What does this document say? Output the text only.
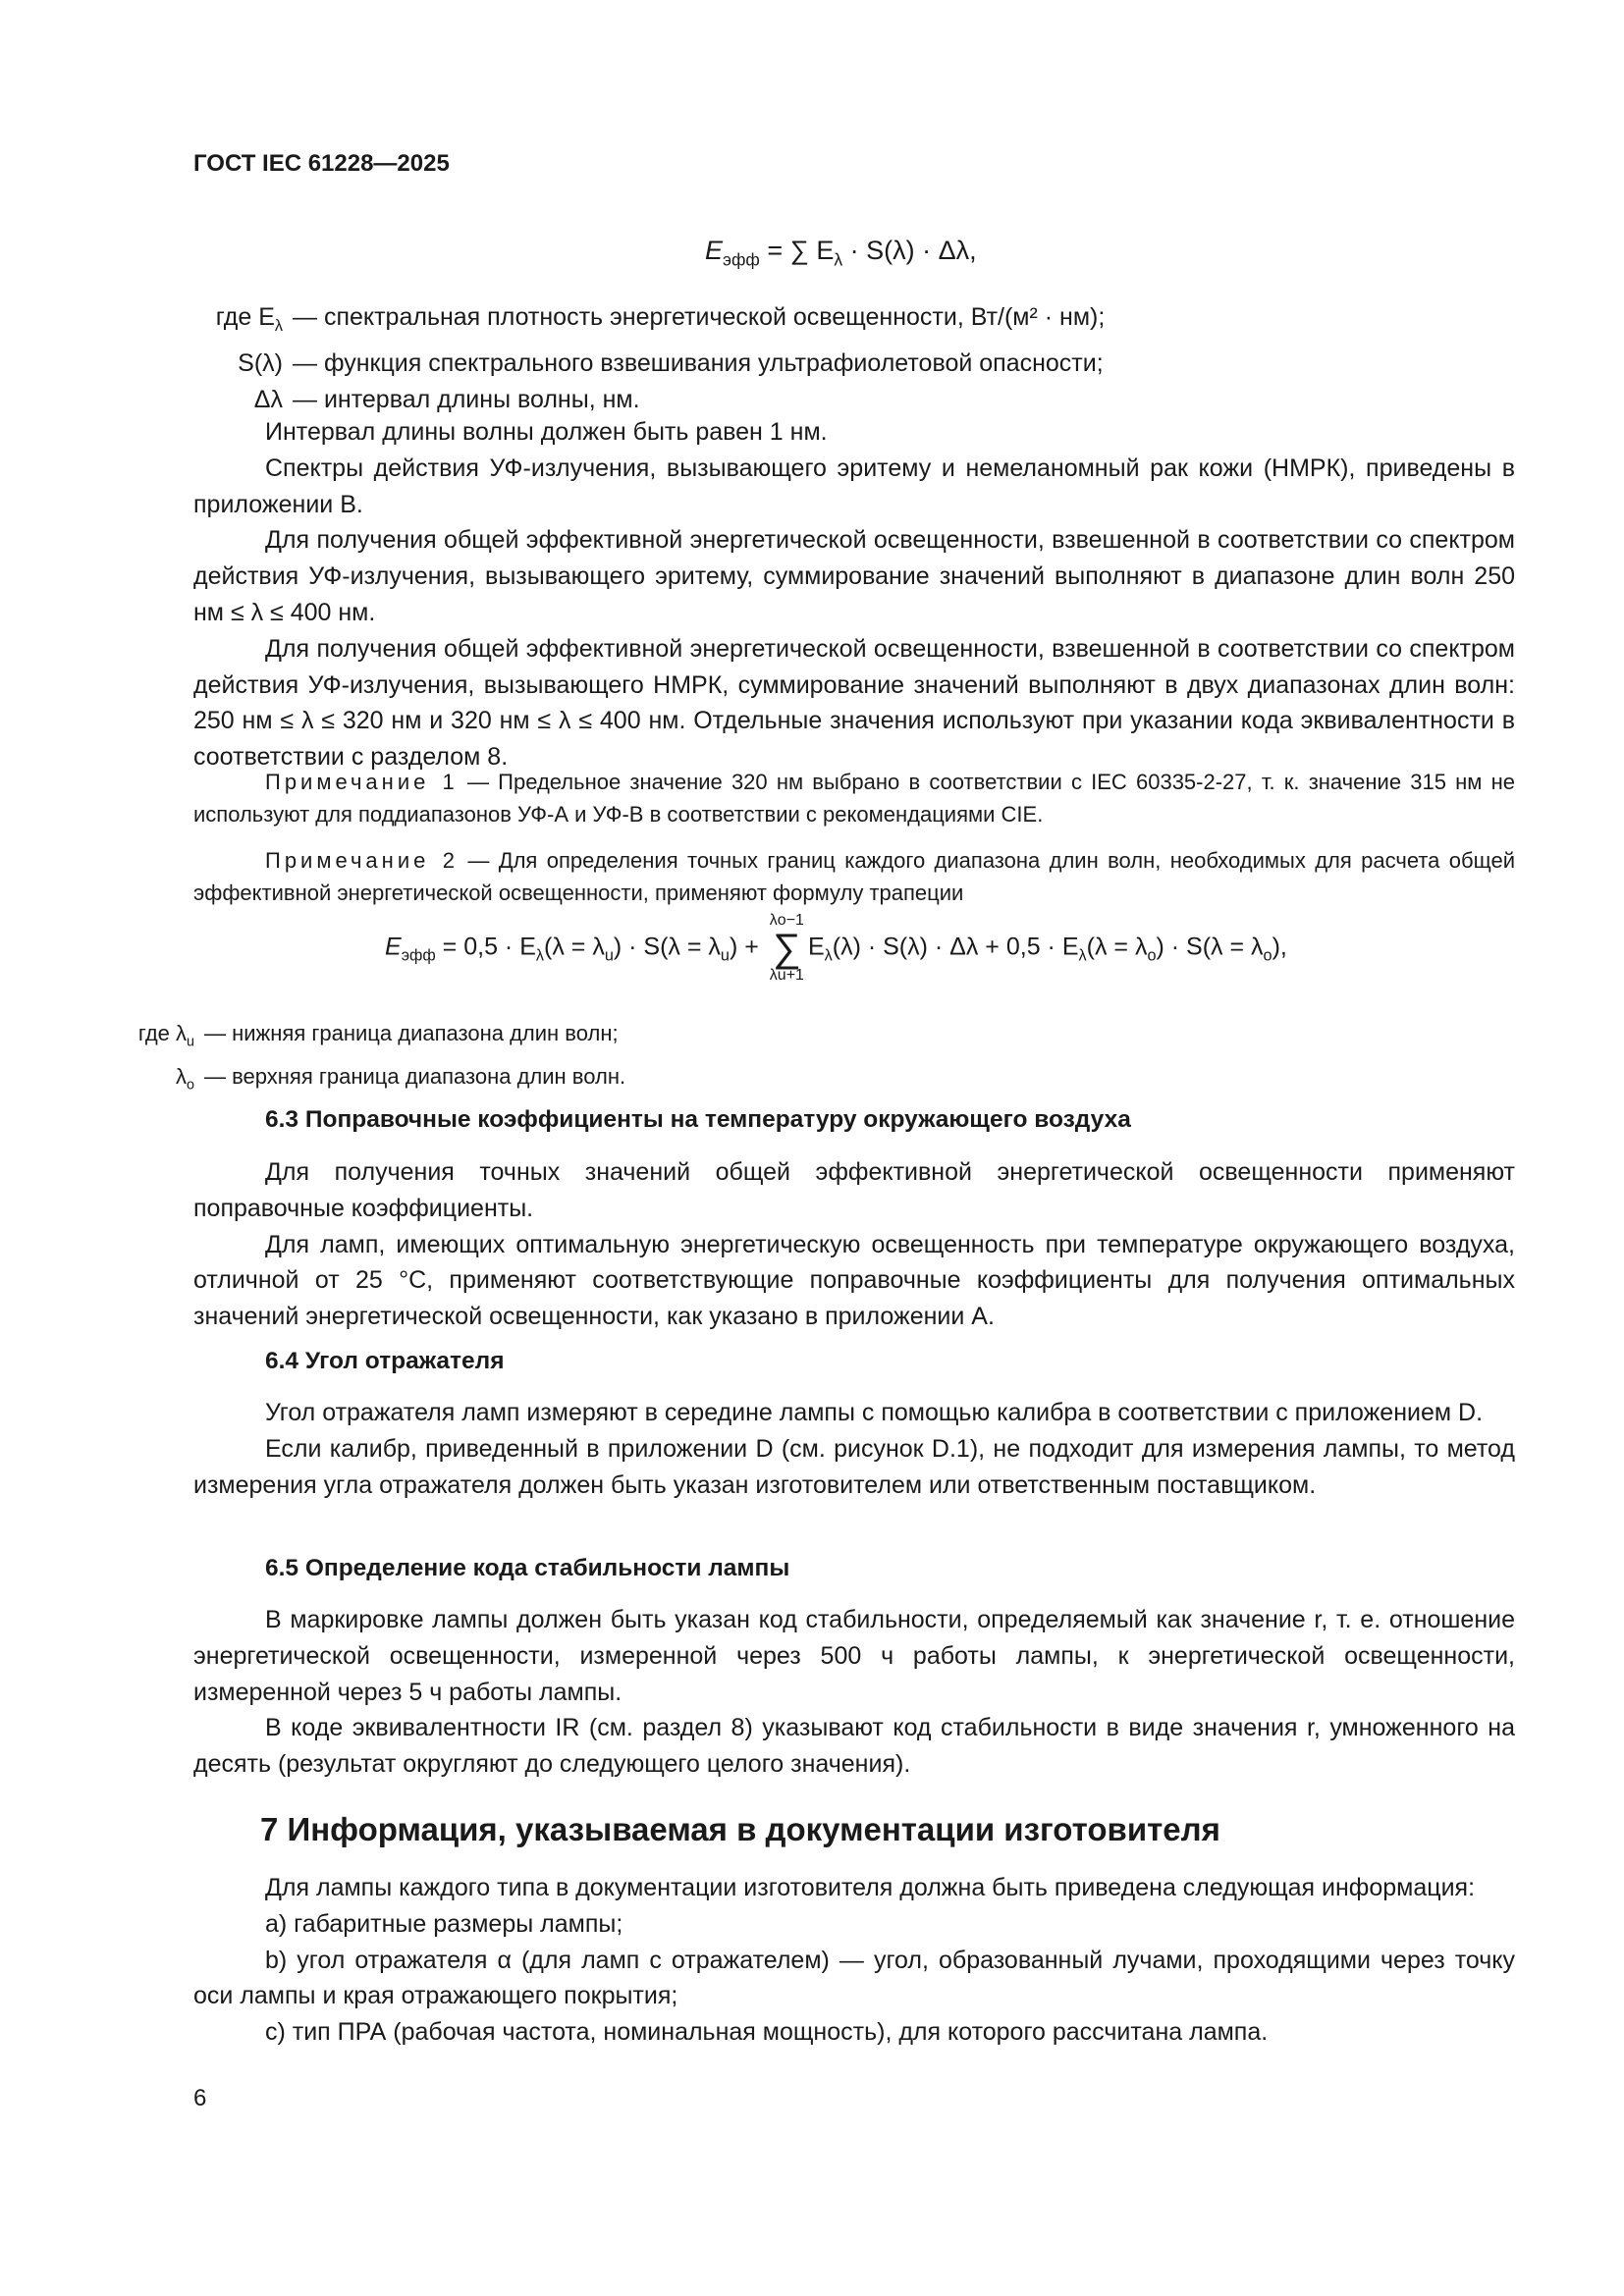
ГОСТ IEC 61228—2025
$E_{эфф}$ = ∑ $E_\lambda \cdot S(\lambda) \cdot \Delta\lambda$,
где $E_\lambda$ — спектральная плотность энергетической освещенности, Вт/(м² · нм);
S(λ) — функция спектрального взвешивания ультрафиолетовой опасности;
Δλ — интервал длины волны, нм.

Интервал длины волны должен быть равен 1 нм.

Спектры действия УФ-излучения, вызывающего эритему и немеланомный рак кожи (НМРК), приведены в приложении В.

Для получения общей эффективной энергетической освещенности, взвешенной в соответствии со спектром действия УФ-излучения, вызывающего эритему, суммирование значений выполняют в диапазоне длин волн 250 нм ≤ λ ≤ 400 нм.

Для получения общей эффективной энергетической освещенности, взвешенной в соответствии со спектром действия УФ-излучения, вызывающего НМРК, суммирование значений выполняют в двух диапазонах длин волн: 250 нм ≤ λ ≤ 320 нм и 320 нм ≤ λ ≤ 400 нм. Отдельные значения используют при указании кода эквивалентности в соответствии с разделом 8.

Примечание 1 — Предельное значение 320 нм выбрано в соответствии с IEC 60335-2-27, т. к. значение 315 нм не используют для поддиапазонов УФ-А и УФ-В в соответствии с рекомендациями CIE.

Примечание 2 — Для определения точных границ каждого диапазона длин волн, необходимых для расчета общей эффективной энергетической освещенности, применяют формулу трапеции

$E_{эфф} = 0,5 \cdot E_\lambda(\lambda = \lambda_u) \cdot S(\lambda = \lambda_u)$ +
λo−1
∑
λu+1
$E_\lambda(\lambda) \cdot S(\lambda) \cdot \Delta\lambda + 0,5 \cdot E_\lambda(\lambda = \lambda_o) \cdot S(\lambda = \lambda_o)$,
где $\lambda_u$ — нижняя граница диапазона длин волн;
$\lambda_o$ — верхняя граница диапазона длин волн.
6.3 Поправочные коэффициенты на температуру окружающего воздуха

Для получения точных значений общей эффективной энергетической освещенности применяют поправочные коэффициенты.

Для ламп, имеющих оптимальную энергетическую освещенность при температуре окружающего воздуха, отличной от 25 °С, применяют соответствующие поправочные коэффициенты для получения оптимальных значений энергетической освещенности, как указано в приложении А.

6.4 Угол отражателя

Угол отражателя ламп измеряют в середине лампы с помощью калибра в соответствии с приложением D.

Если калибр, приведенный в приложении D (см. рисунок D.1), не подходит для измерения лампы, то метод измерения угла отражателя должен быть указан изготовителем или ответственным поставщиком.

6.5 Определение кода стабильности лампы

В маркировке лампы должен быть указан код стабильности, определяемый как значение r, т. е. отношение энергетической освещенности, измеренной через 500 ч работы лампы, к энергетической освещенности, измеренной через 5 ч работы лампы.

В коде эквивалентности IR (см. раздел 8) указывают код стабильности в виде значения r, умноженного на десять (результат округляют до следующего целого значения).

7 Информация, указываемая в документации изготовителя

Для лампы каждого типа в документации изготовителя должна быть приведена следующая информация:

a) габаритные размеры лампы;

b) угол отражателя α (для ламп с отражателем) — угол, образованный лучами, проходящими через точку оси лампы и края отражающего покрытия;

c) тип ПРА (рабочая частота, номинальная мощность), для которого рассчитана лампа.

6
